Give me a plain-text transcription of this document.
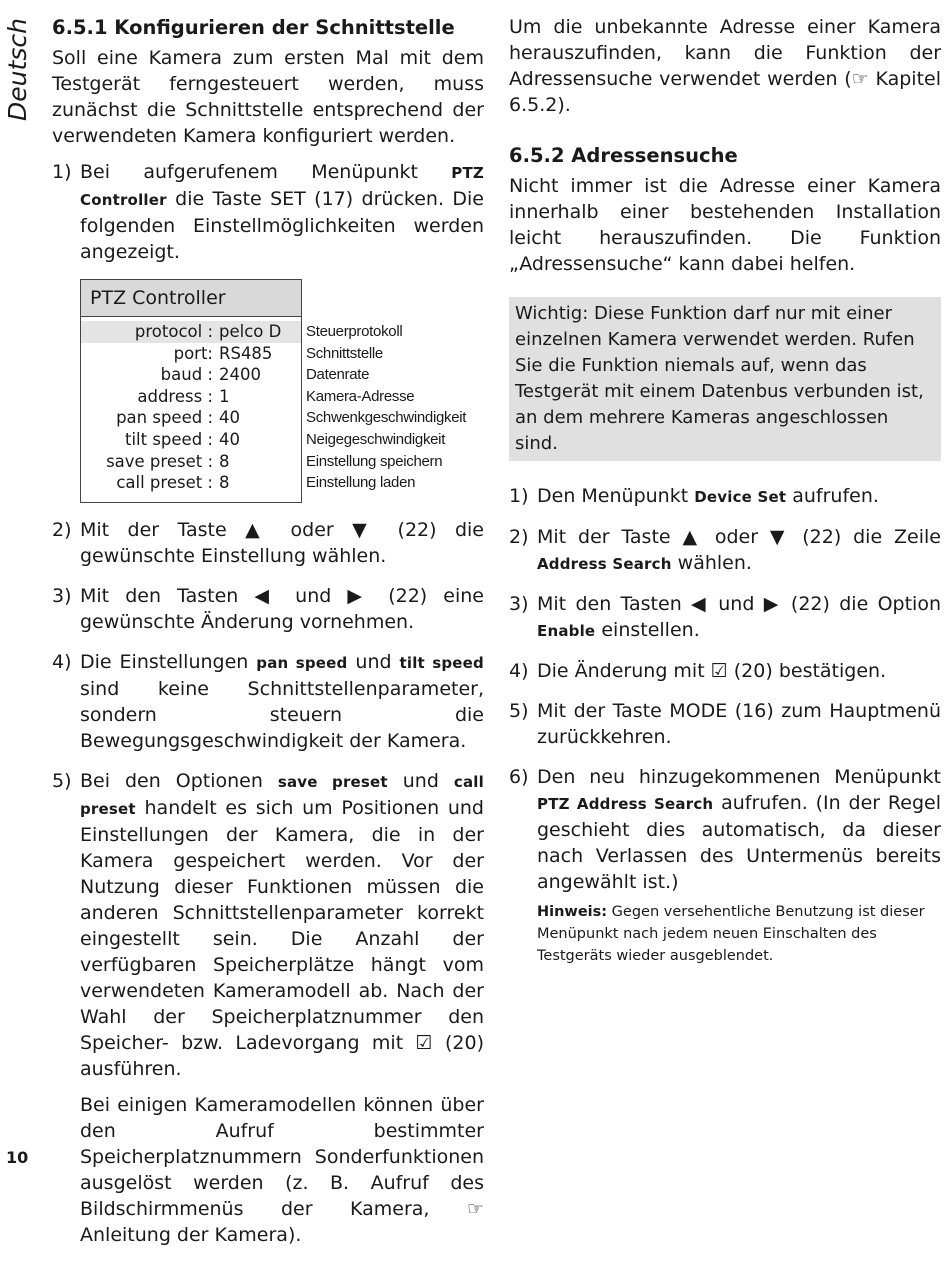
Deutsch 6.5.1 Konfigurieren der Schnittstelle

Soll eine Kamera zum ersten Mal mit dem Testgerät ferngesteuert werden, muss zunächst die Schnittstelle entsprechend der verwendeten Kamera konfiguriert werden.

1) Bei aufgerufenem Menüpunkt PTZ Controller die Taste SET (17) drücken. Die folgenden Einstellmöglichkeiten werden angezeigt.
PTZ Controller
protocol : pelco D
port: RS485
baud : 2400
address : 1
pan speed : 40
tilt speed : 40
save preset : 8
call preset : 8
Steuerprotokoll
Schnittstelle
Datenrate
Kamera-Adresse
Schwenkgeschwindigkeit
Neigegeschwindigkeit
Einstellung speichern
Einstellung laden
2) Mit der Taste ▲ oder ▼ (22) die gewünschte Einstellung wählen.
3) Mit den Tasten ◀ und ▶ (22) eine gewünschte Änderung vornehmen.
4) Die Einstellungen pan speed und tilt speed sind keine Schnittstellenparameter, sondern steuern die Bewegungsgeschwindigkeit der Kamera.
5) Bei den Optionen save preset und call preset handelt es sich um Positionen und Einstellungen der Kamera, die in der Kamera gespeichert werden. Vor der Nutzung dieser Funktionen müssen die anderen Schnittstellenparameter korrekt eingestellt sein. Die Anzahl der verfügbaren Speicherplätze hängt vom verwendeten Kameramodell ab. Nach der Wahl der Speicherplatznummer den Speicher- bzw. Ladevorgang mit ☑ (20) ausführen.
Bei einigen Kameramodellen können über den Aufruf bestimmter Speicherplatznummern Sonderfunktionen ausgelöst werden (z. B. Aufruf des Bildschirmmenüs der Kamera, ☞ Anleitung der Kamera).

Um die unbekannte Adresse einer Kamera herauszufinden, kann die Funktion der Adressensuche verwendet werden (☞ Kapitel 6.5.2).

6.5.2 Adressensuche

Nicht immer ist die Adresse einer Kamera innerhalb einer bestehenden Installation leicht herauszufinden. Die Funktion „Adressensuche“ kann dabei helfen.

Wichtig: Diese Funktion darf nur mit einer einzelnen Kamera verwendet werden. Rufen Sie die Funktion niemals auf, wenn das Testgerät mit einem Datenbus verbunden ist, an dem mehrere Kameras angeschlossen sind.
1) Den Menüpunkt Device Set aufrufen.
2) Mit der Taste ▲ oder ▼ (22) die Zeile Address Search wählen.
3) Mit den Tasten ◀ und ▶ (22) die Option Enable einstellen.
4) Die Änderung mit ☑ (20) bestätigen.
5) Mit der Taste MODE (16) zum Hauptmenü zurückkehren.
6) Den neu hinzugekommenen Menüpunkt PTZ Address Search aufrufen. (In der Regel geschieht dies automatisch, da dieser nach Verlassen des Untermenüs bereits angewählt ist.)

Hinweis: Gegen versehentliche Benutzung ist dieser Menüpunkt nach jedem neuen Einschalten des Testgeräts wieder ausgeblendet.

10
